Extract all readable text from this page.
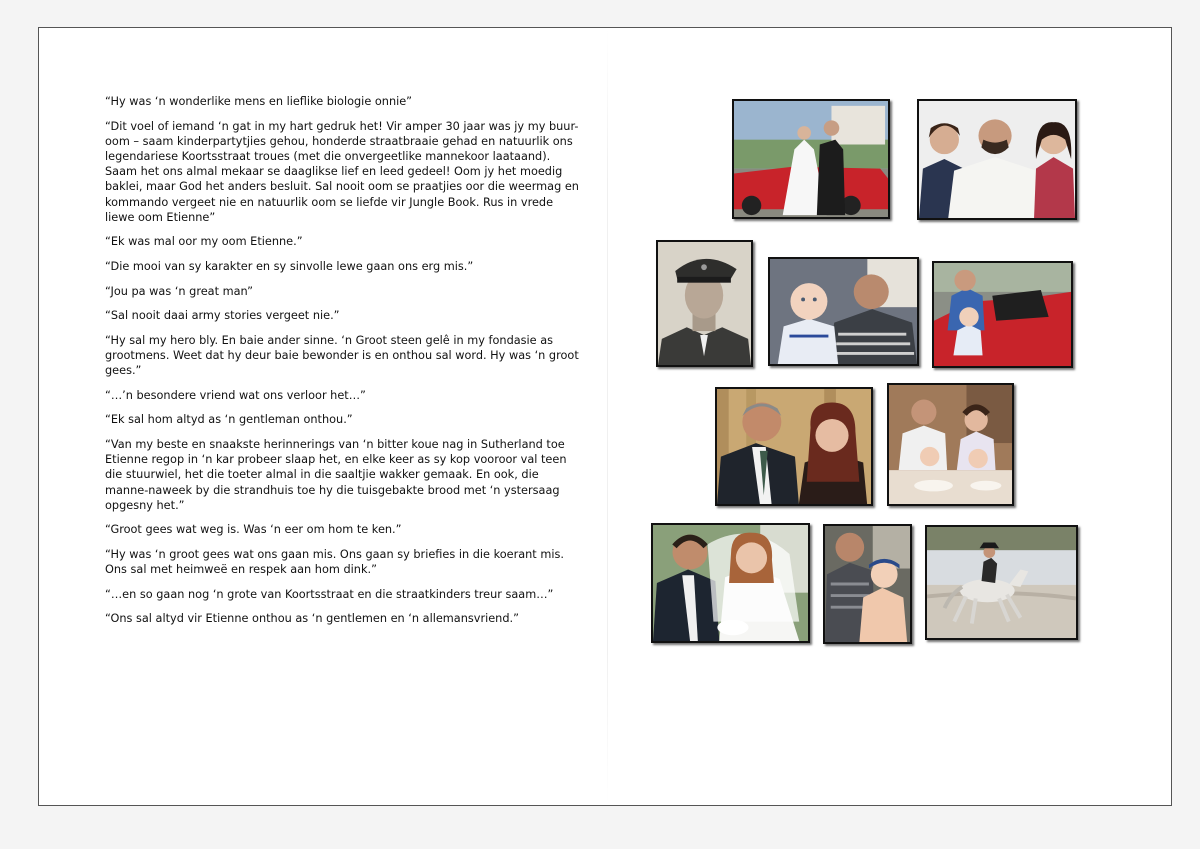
“Hy was ‘n wonderlike mens en lieflike biologie onnie”

“Dit voel of iemand ‘n gat in my hart gedruk het! Vir amper 30 jaar was jy my buur-oom – saam kinderpartytjies gehou, honderde straatbraaie gehad en natuurlik ons legendariese Koortsstraat troues (met die onvergeetlike mannekoor laataand). Saam het ons almal mekaar se daaglikse lief en leed gedeel! Oom jy het moedig baklei, maar God het anders besluit. Sal nooit oom se praatjies oor die weermag en kommando vergeet nie en natuurlik oom se liefde vir Jungle Book. Rus in vrede liewe oom Etienne”

“Ek was mal oor my oom Etienne.”

“Die mooi van sy karakter en sy sinvolle lewe gaan ons erg mis.”

“Jou pa was ‘n great man”

“Sal nooit daai army stories vergeet nie.”

“Hy sal my hero bly. En baie ander sinne. ‘n Groot steen gelê in my fondasie as grootmens. Weet dat hy deur baie bewonder is en onthou sal word. Hy was ‘n groot gees.”

“…’n besondere vriend wat ons verloor het…”

“Ek sal hom altyd as ‘n gentleman onthou.”

“Van my beste en snaakste herinnerings van ‘n bitter koue nag in Sutherland toe Etienne regop in ‘n kar probeer slaap het, en elke keer as sy kop vooroor val teen die stuurwiel, het die toeter almal in die saaltjie wakker gemaak. En ook, die manne-naweek by die strandhuis toe hy die tuisgebakte brood met ‘n ystersaag opgesny het.”

“Groot gees wat weg is. Was ‘n eer om hom te ken.”

“Hy was ‘n groot gees wat ons gaan mis. Ons gaan sy briefies in die koerant mis. Ons sal met heimweë en respek aan hom dink.”

“…en so gaan nog ‘n grote van Koortsstraat en die straatkinders treur saam…”

“Ons sal altyd vir Etienne onthou as ‘n gentlemen en ‘n allemansvriend.”
